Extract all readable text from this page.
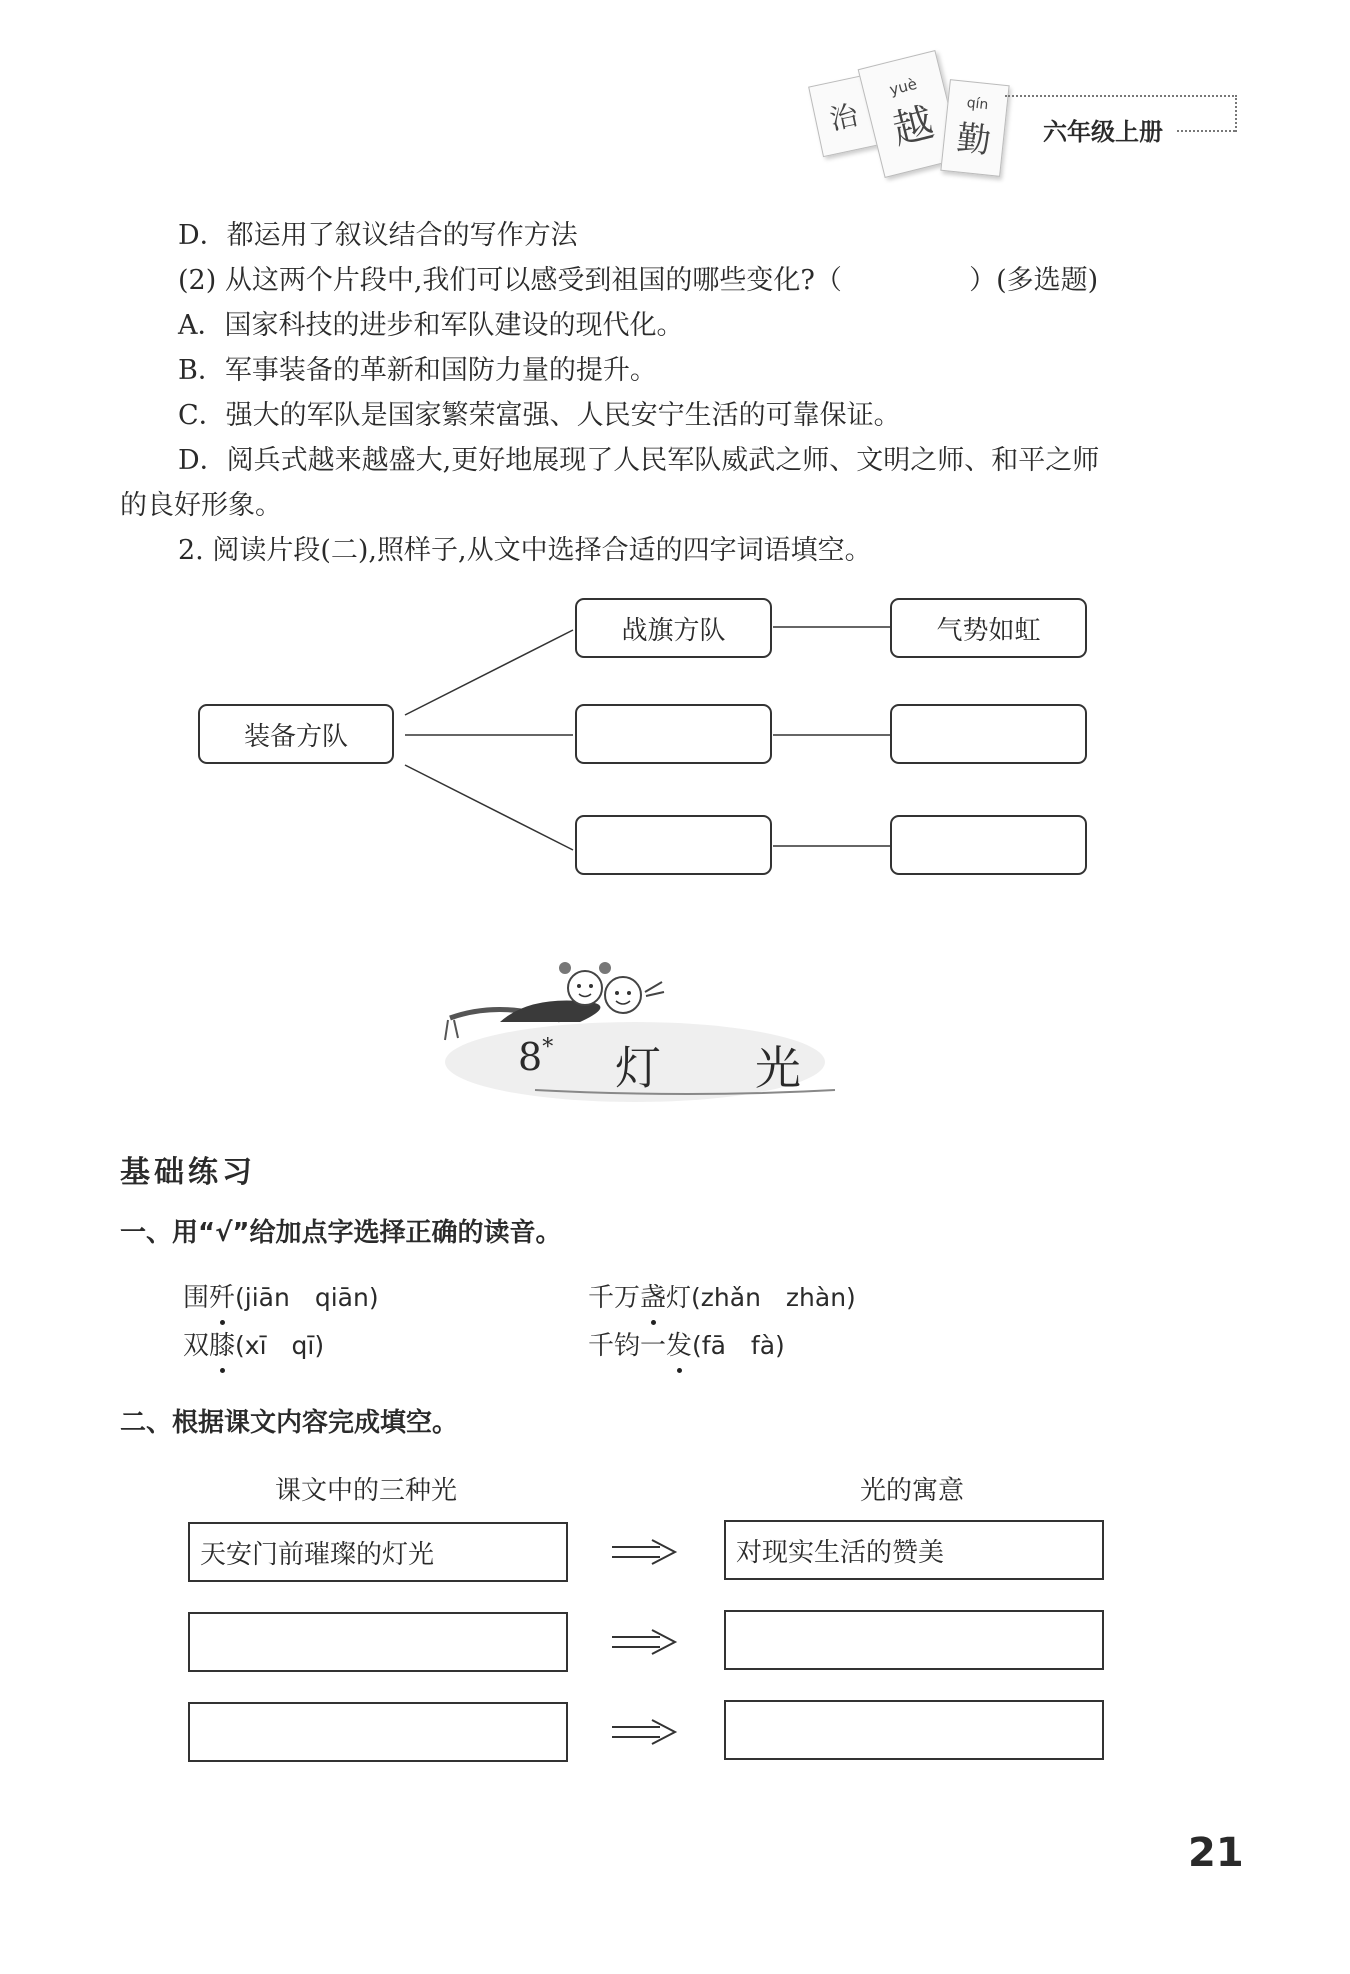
治
yuè
越 qín
勤 六年级上册
D．都运用了叙议结合的写作方法
(2) 从这两个片段中,我们可以感受到祖国的哪些变化?（	）(多选题)
A．国家科技的进步和军队建设的现代化。
B．军事装备的革新和国防力量的提升。
C．强大的军队是国家繁荣富强、人民安宁生活的可靠保证。
D．阅兵式越来越盛大,更好地展现了人民军队威武之师、文明之师、和平之师
的良好形象。
2. 阅读片段(二),照样子,从文中选择合适的四字词语填空。
装备方队
战旗方队	气势如虹
8* 灯 光
基础练习
一、用“√”给加点字选择正确的读音。
围歼(jiān　qiān)	千万盏灯(zhǎn　zhàn)
双膝(xī　qī)	千钧一发(fā　fà)
二、根据课文内容完成填空。
课文中的三种光	光的寓意
天安门前璀璨的灯光	对现实生活的赞美
21
